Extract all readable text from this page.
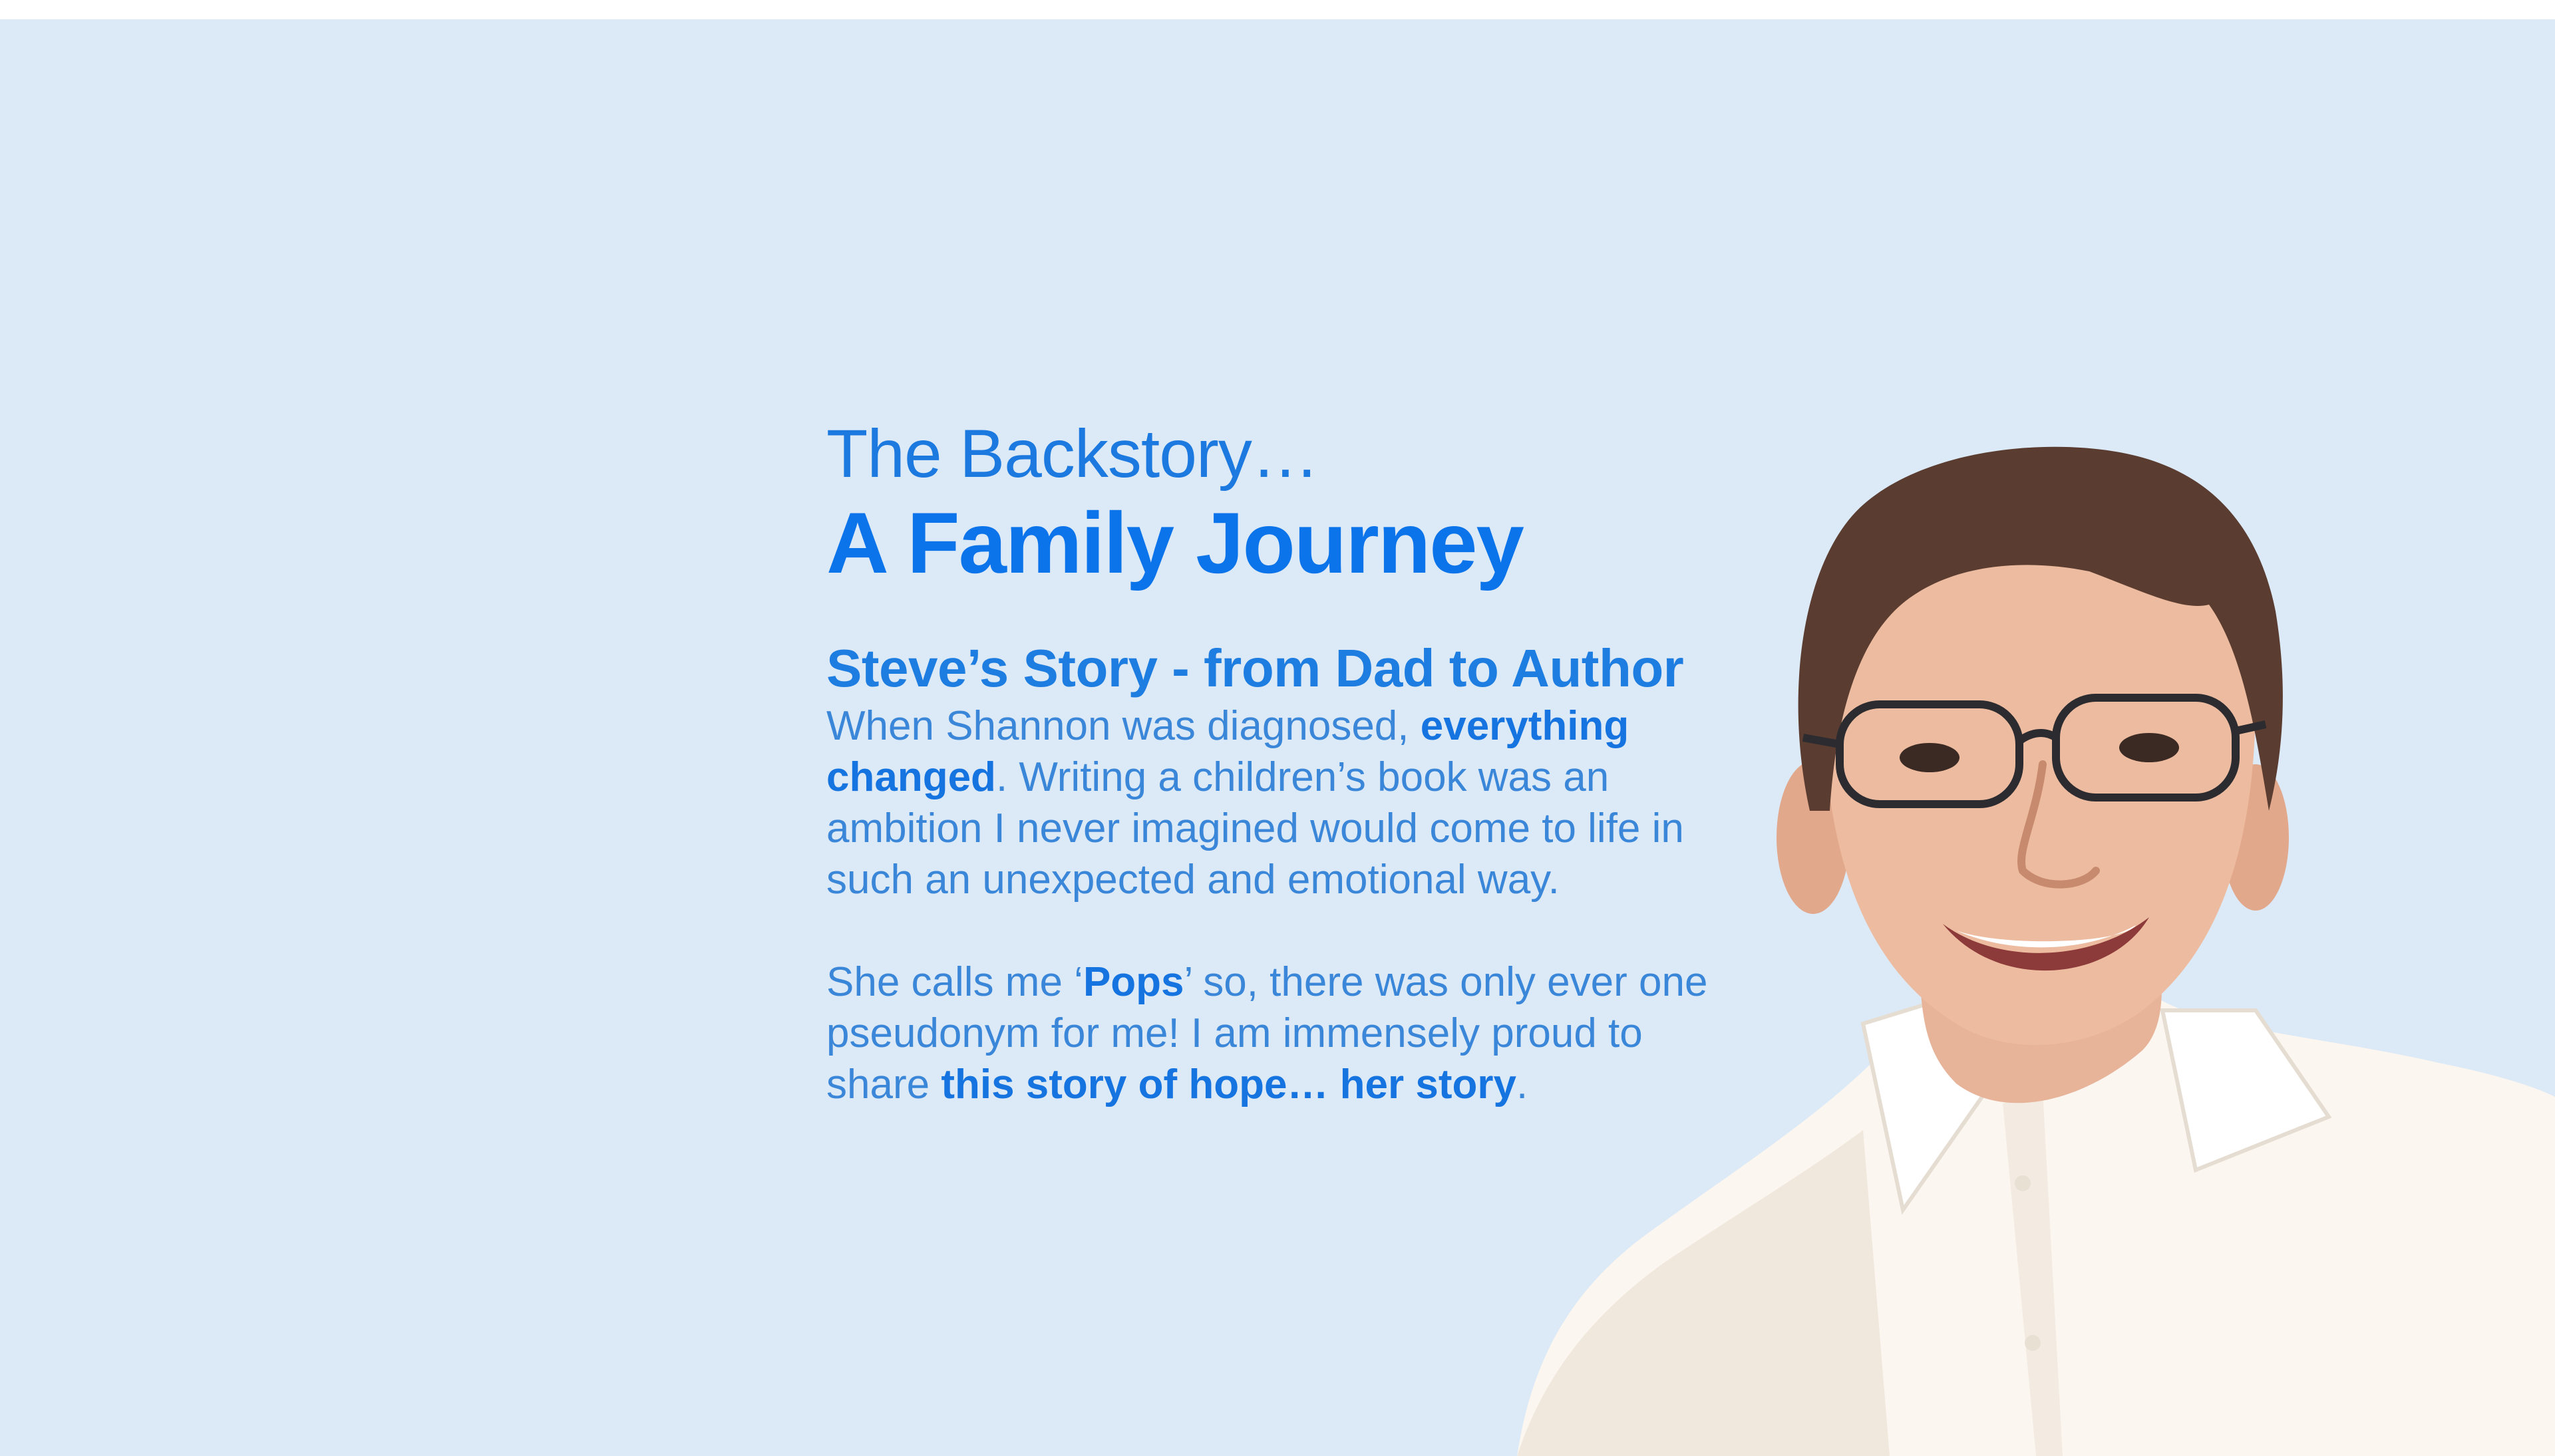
The Backstory…
A Family Journey
Steve’s Story - from Dad to Author

When Shannon was diagnosed, everything changed. Writing a children’s book was an ambition I never imagined would come to life in such an unexpected and emotional way.

She calls me ‘Pops’ so, there was only ever one pseudonym for me! I am immensely proud to share this story of hope… her story.
